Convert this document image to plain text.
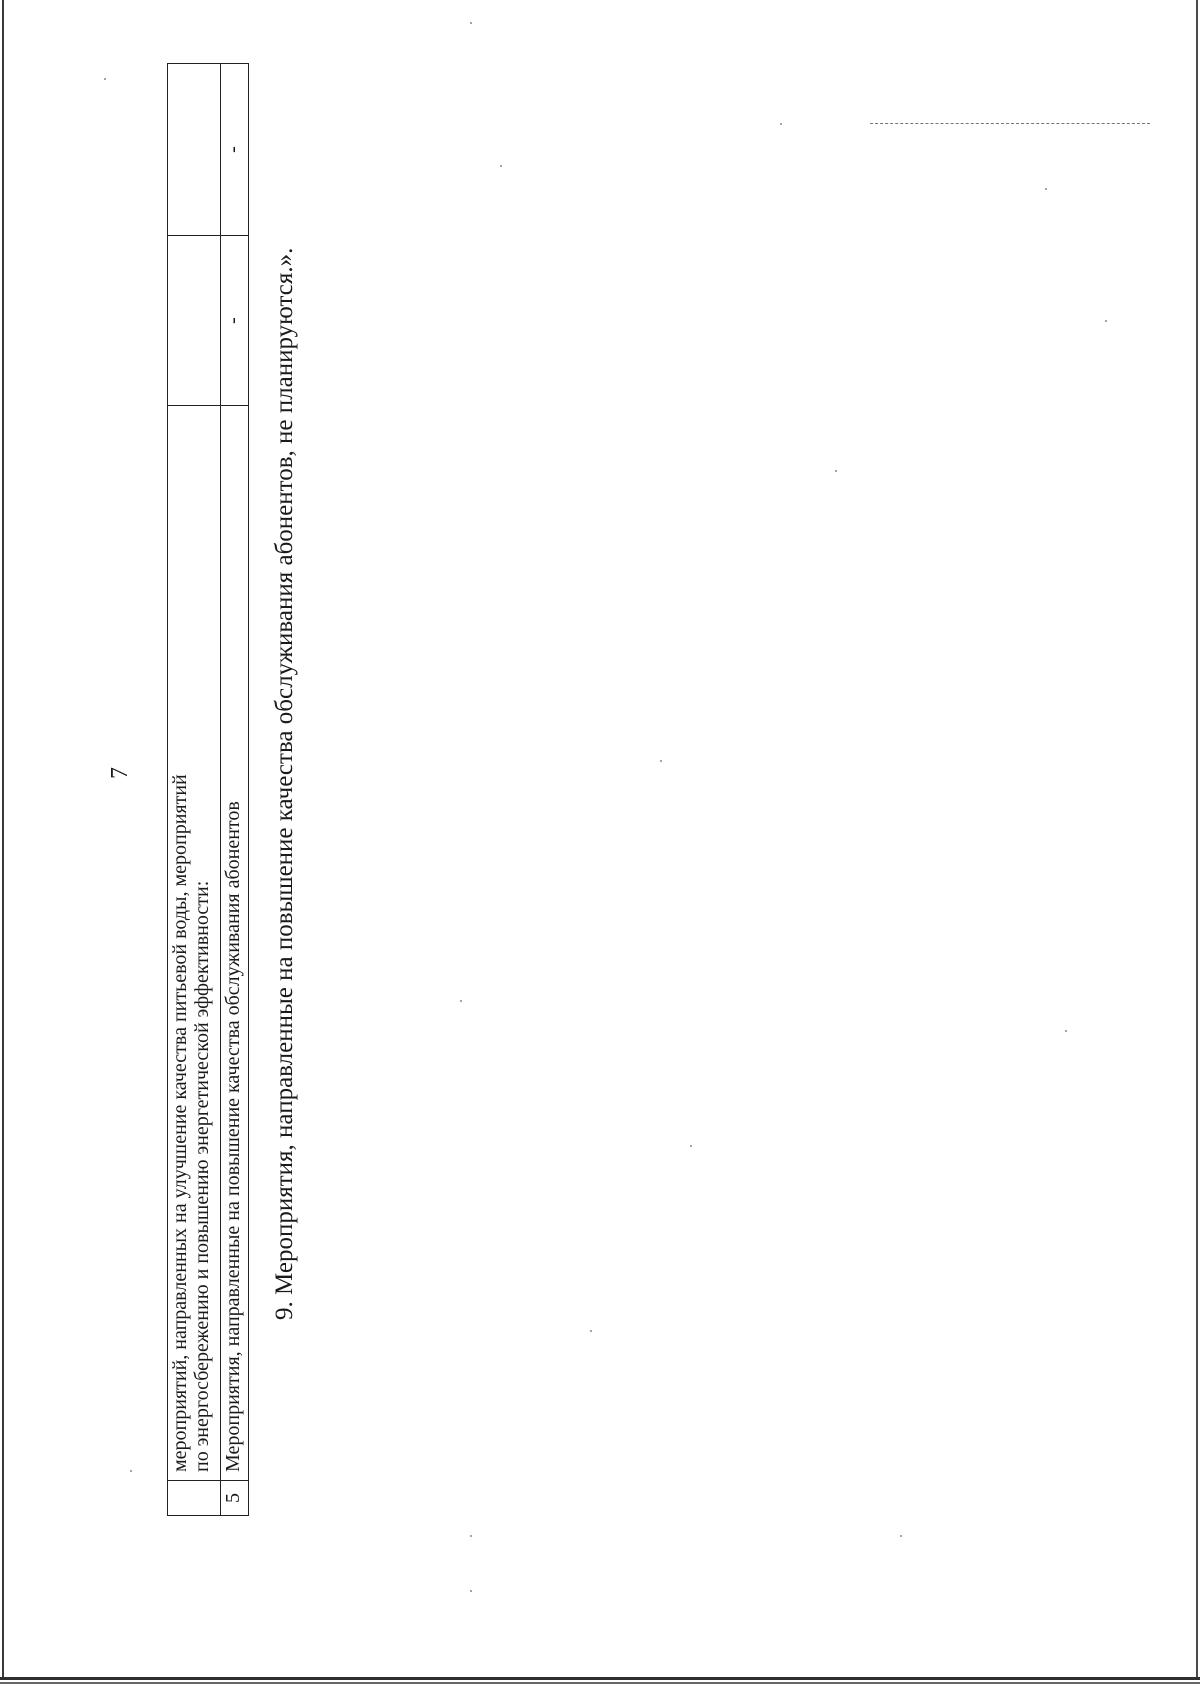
7

	мероприятий, направленных на улучшение качества питьевой воды, мероприятий по энергосбережению и повышению энергетической эффективности:		

5	Мероприятия, направленные на повышение качества обслуживания абонентов	-	-
9. Мероприятия, направленные на повышение качества обслуживания абонентов, не планируются.».
